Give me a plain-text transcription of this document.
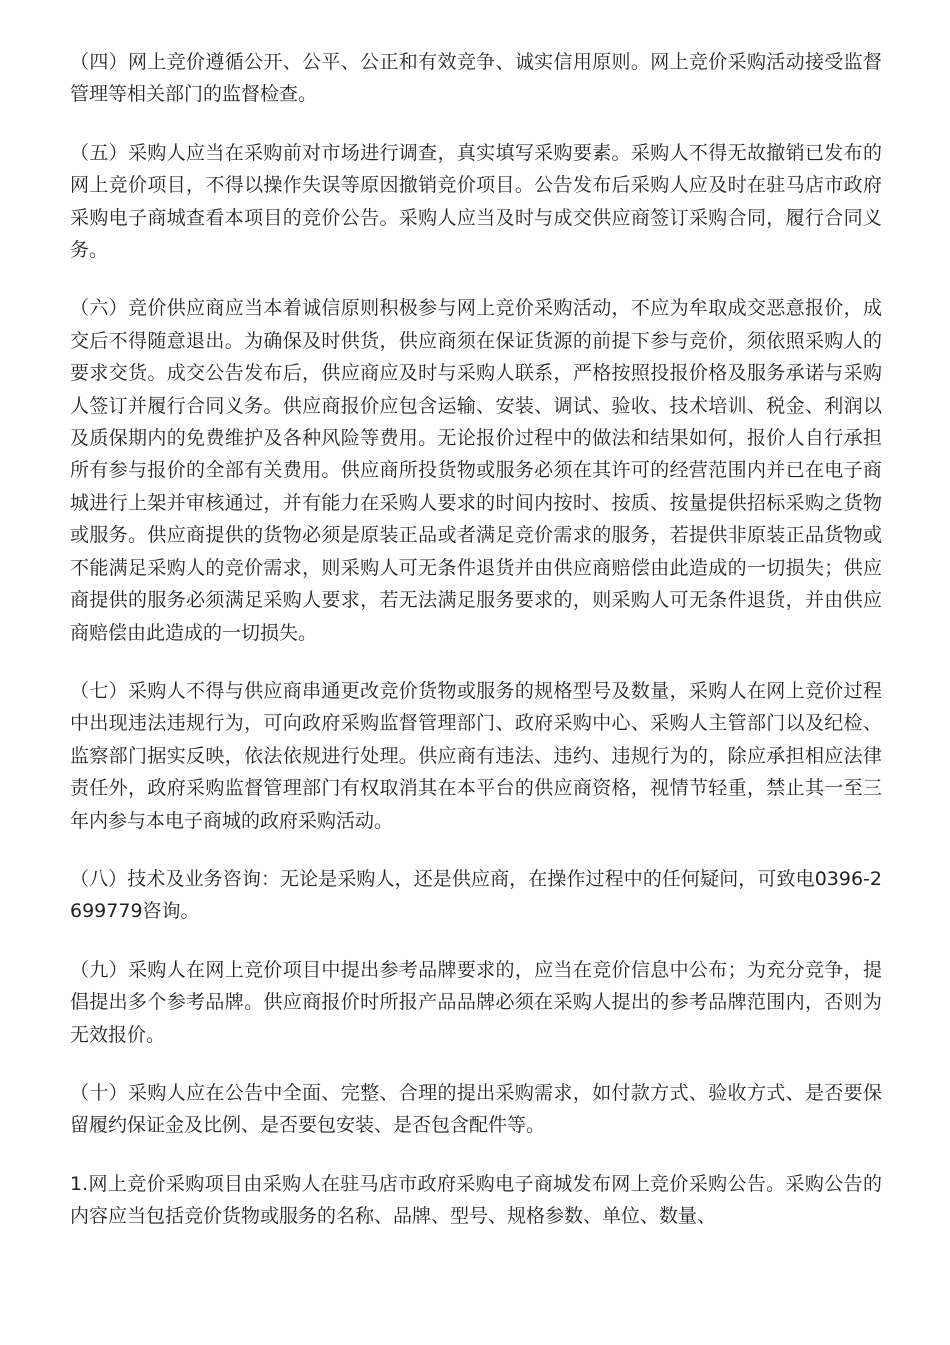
（四）网上竞价遵循公开、公平、公正和有效竞争、诚实信用原则。网上竞价采购活动接受监督管理等相关部门的监督检查。

（五）采购人应当在采购前对市场进行调查，真实填写采购要素。采购人不得无故撤销已发布的网上竞价项目，不得以操作失误等原因撤销竞价项目。公告发布后采购人应及时在驻马店市政府采购电子商城查看本项目的竞价公告。采购人应当及时与成交供应商签订采购合同，履行合同义务。

（六）竞价供应商应当本着诚信原则积极参与网上竞价采购活动，不应为牟取成交恶意报价，成交后不得随意退出。为确保及时供货，供应商须在保证货源的前提下参与竞价，须依照采购人的要求交货。成交公告发布后，供应商应及时与采购人联系，严格按照投报价格及服务承诺与采购人签订并履行合同义务。供应商报价应包含运输、安装、调试、验收、技术培训、税金、利润以及质保期内的免费维护及各种风险等费用。无论报价过程中的做法和结果如何，报价人自行承担所有参与报价的全部有关费用。供应商所投货物或服务必须在其许可的经营范围内并已在电子商城进行上架并审核通过，并有能力在采购人要求的时间内按时、按质、按量提供招标采购之货物或服务。供应商提供的货物必须是原装正品或者满足竞价需求的服务，若提供非原装正品货物或不能满足采购人的竞价需求，则采购人可无条件退货并由供应商赔偿由此造成的一切损失；供应商提供的服务必须满足采购人要求，若无法满足服务要求的，则采购人可无条件退货，并由供应商赔偿由此造成的一切损失。

（七）采购人不得与供应商串通更改竞价货物或服务的规格型号及数量，采购人在网上竞价过程中出现违法违规行为，可向政府采购监督管理部门、政府采购中心、采购人主管部门以及纪检、监察部门据实反映，依法依规进行处理。供应商有违法、违约、违规行为的，除应承担相应法律责任外，政府采购监督管理部门有权取消其在本平台的供应商资格，视情节轻重，禁止其一至三年内参与本电子商城的政府采购活动。

（八）技术及业务咨询：无论是采购人，还是供应商，在操作过程中的任何疑问，可致电0396-2699779咨询。

（九）采购人在网上竞价项目中提出参考品牌要求的，应当在竞价信息中公布；为充分竞争，提倡提出多个参考品牌。供应商报价时所报产品品牌必须在采购人提出的参考品牌范围内，否则为无效报价。

（十）采购人应在公告中全面、完整、合理的提出采购需求，如付款方式、验收方式、是否要保留履约保证金及比例、是否要包安装、是否包含配件等。

1.网上竞价采购项目由采购人在驻马店市政府采购电子商城发布网上竞价采购公告。采购公告的内容应当包括竞价货物或服务的名称、品牌、型号、规格参数、单位、数量、
